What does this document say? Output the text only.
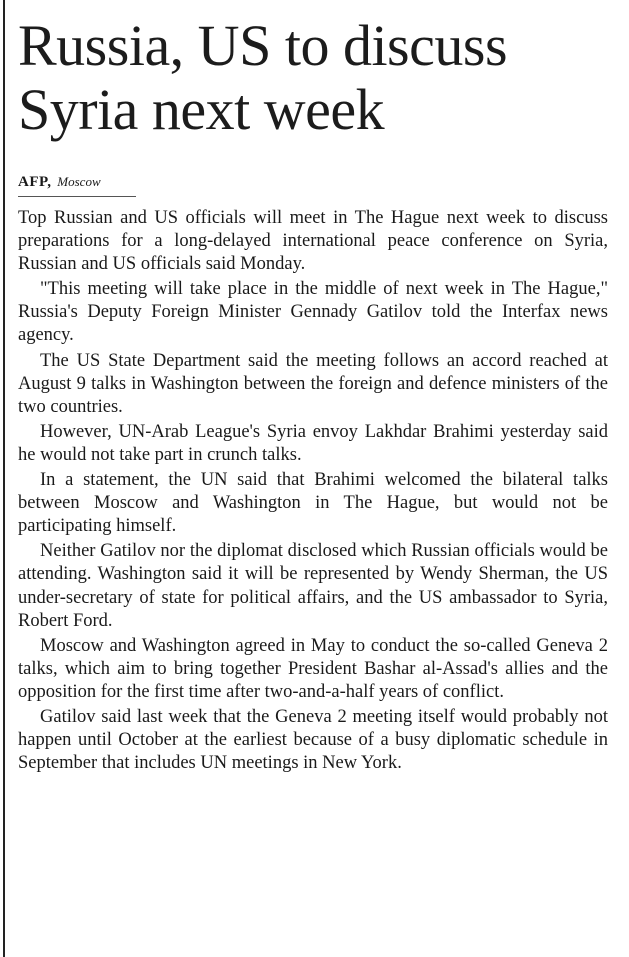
Russia, US to discuss
Syria next week
AFP, Moscow

Top Russian and US officials will meet in The Hague next week to discuss preparations for a long-delayed international peace conference on Syria, Russian and US officials said Monday.

"This meeting will take place in the middle of next week in The Hague," Russia's Deputy Foreign Minister Gennady Gatilov told the Interfax news agency.

The US State Department said the meeting follows an accord reached at August 9 talks in Washington between the foreign and defence ministers of the two countries.

However, UN-Arab League's Syria envoy Lakhdar Brahimi yesterday said he would not take part in crunch talks.

In a statement, the UN said that Brahimi welcomed the bilateral talks between Moscow and Washington in The Hague, but would not be participating himself.

Neither Gatilov nor the diplomat disclosed which Russian officials would be attending. Washington said it will be represented by Wendy Sherman, the US under-secretary of state for political affairs, and the US ambassador to Syria, Robert Ford.

Moscow and Washington agreed in May to conduct the so-called Geneva 2 talks, which aim to bring together President Bashar al-Assad's allies and the opposition for the first time after two-and-a-half years of conflict.

Gatilov said last week that the Geneva 2 meeting itself would probably not happen until October at the earliest because of a busy diplomatic schedule in September that includes UN meetings in New York.
